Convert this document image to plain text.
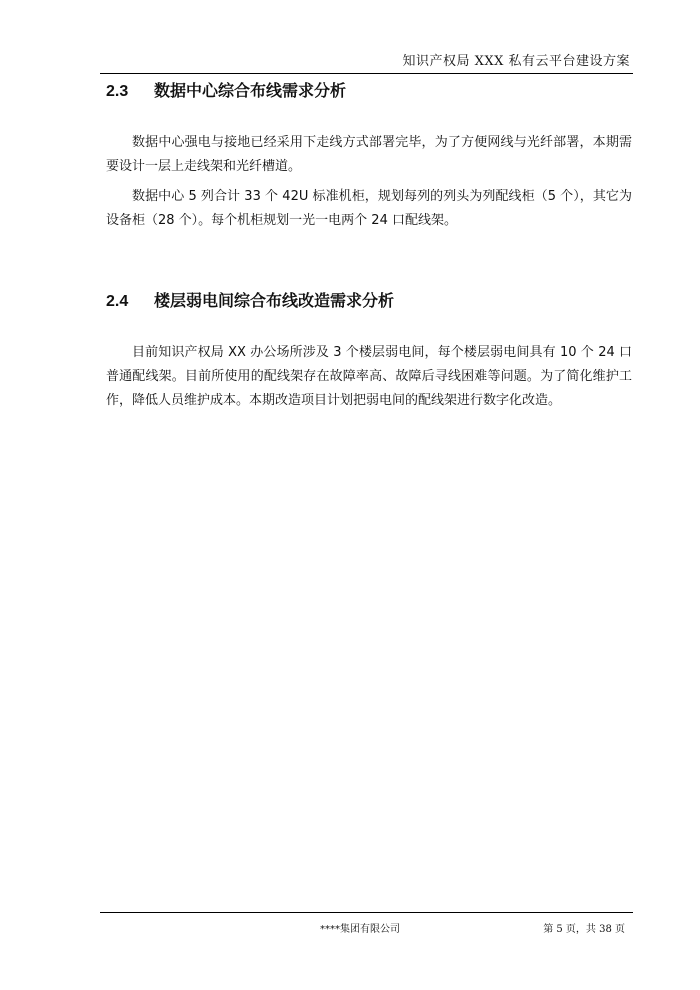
知识产权局 XXX 私有云平台建设方案
2.3 数据中心综合布线需求分析

数据中心强电与接地已经采用下走线方式部署完毕，为了方便网线与光纤部署，本期需要设计一层上走线架和光纤槽道。

数据中心 5 列合计 33 个 42U 标准机柜，规划每列的列头为列配线柜（5 个），其它为设备柜（28 个）。每个机柜规划一光一电两个 24 口配线架。

2.4 楼层弱电间综合布线改造需求分析

目前知识产权局 XX 办公场所涉及 3 个楼层弱电间，每个楼层弱电间具有 10 个 24 口普通配线架。目前所使用的配线架存在故障率高、故障后寻线困难等问题。为了简化维护工作，降低人员维护成本。本期改造项目计划把弱电间的配线架进行数字化改造。

****集团有限公司	第 5 页，共 38 页
